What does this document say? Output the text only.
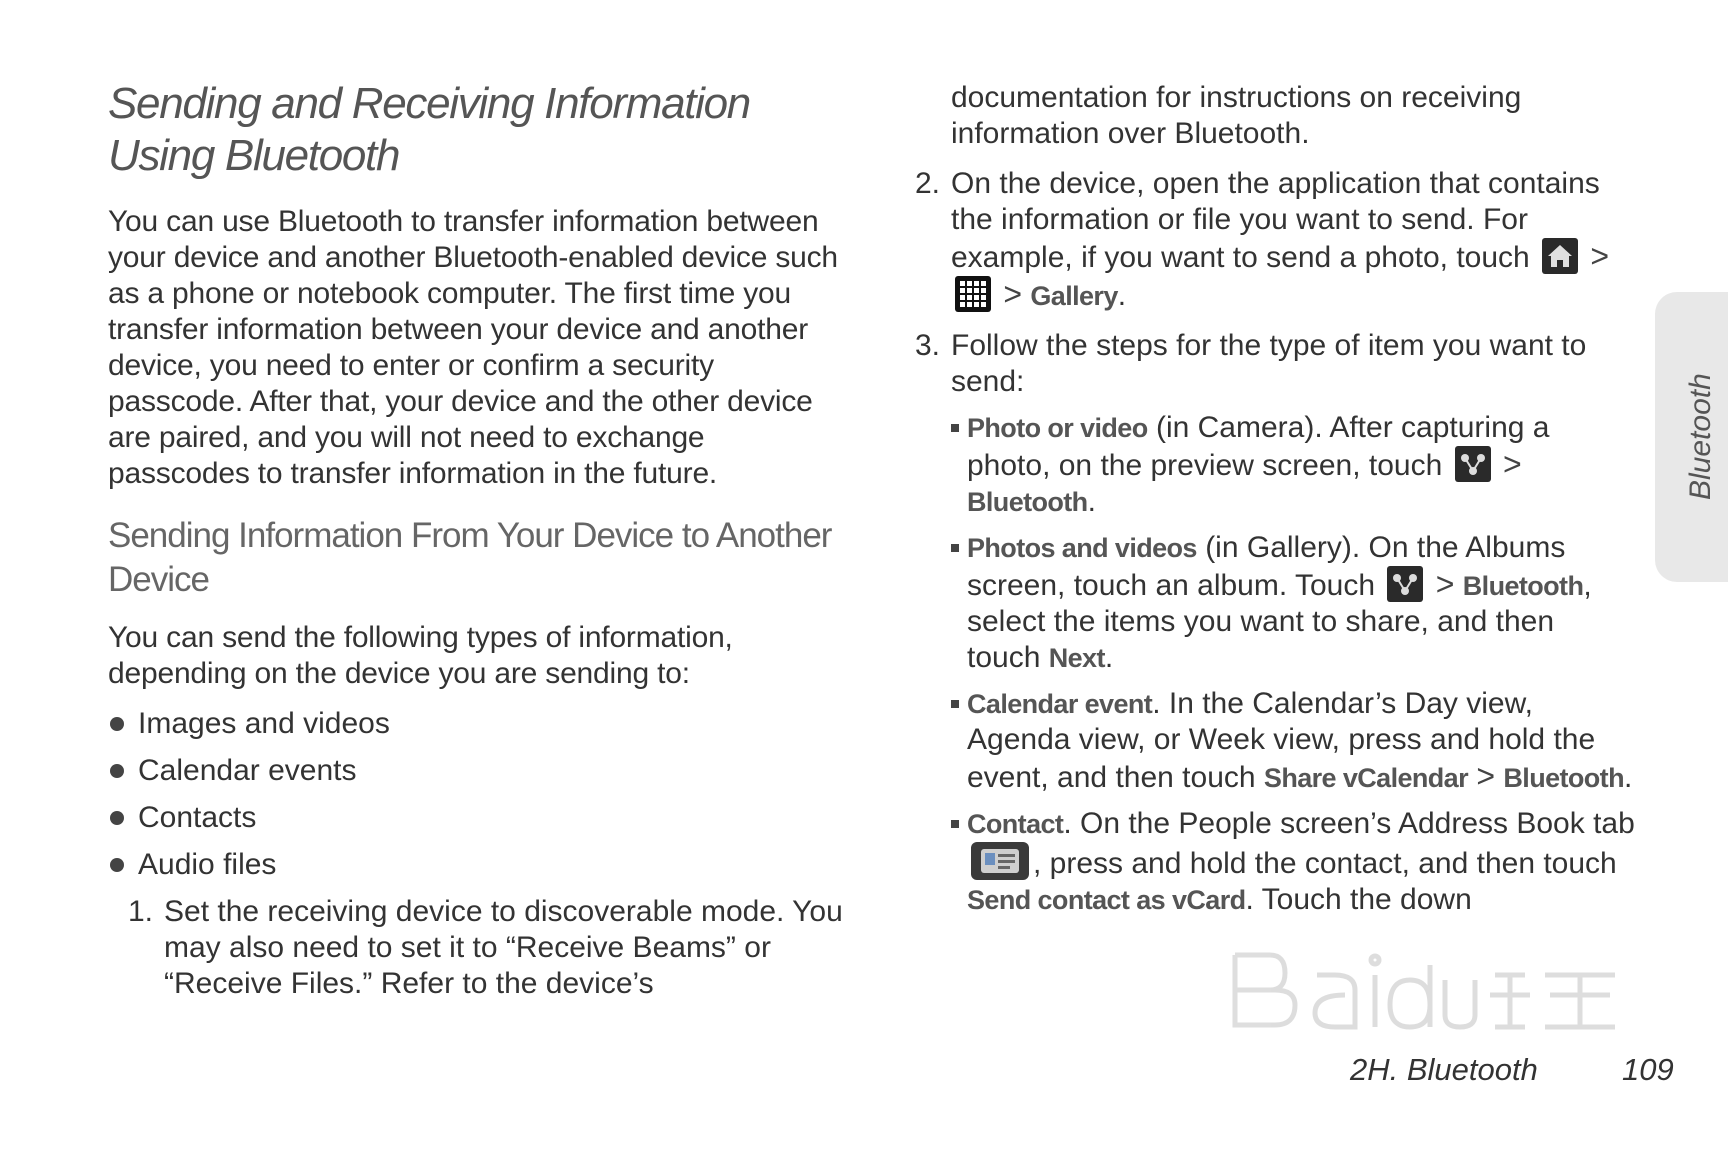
Sending and Receiving Information Using Bluetooth

You can use Bluetooth to transfer information between your device and another Bluetooth-enabled device such as a phone or notebook computer. The first time you transfer information between your device and another device, you need to enter or confirm a security passcode. After that, your device and the other device are paired, and you will not need to exchange passcodes to transfer information in the future.

Sending Information From Your Device to Another Device

You can send the following types of information, depending on the device you are sending to:

Images and videos
Calendar events
Contacts
Audio files
1. Set the receiving device to discoverable mode. You may also need to set it to “Receive Beams” or “Receive Files.” Refer to the device’s
documentation for instructions on receiving information over Bluetooth.
2. On the device, open the application that contains the information or file you want to send. For example, if you want to send a photo, touch >
> Gallery.
3. Follow the steps for the type of item you want to send:
Photo or video (in Camera). After capturing a photo, on the preview screen, touch > Bluetooth.
Photos and videos (in Gallery). On the Albums screen, touch an album. Touch > Bluetooth, select the items you want to share, and then touch Next.
Calendar event. In the Calendar’s Day view, Agenda view, or Week view, press and hold the event, and then touch Share vCalendar > Bluetooth.
Contact. On the People screen’s Address Book tab
, press and hold the contact, and then touch Send contact as vCard. Touch the down
Bluetooth
2H. Bluetooth	109
